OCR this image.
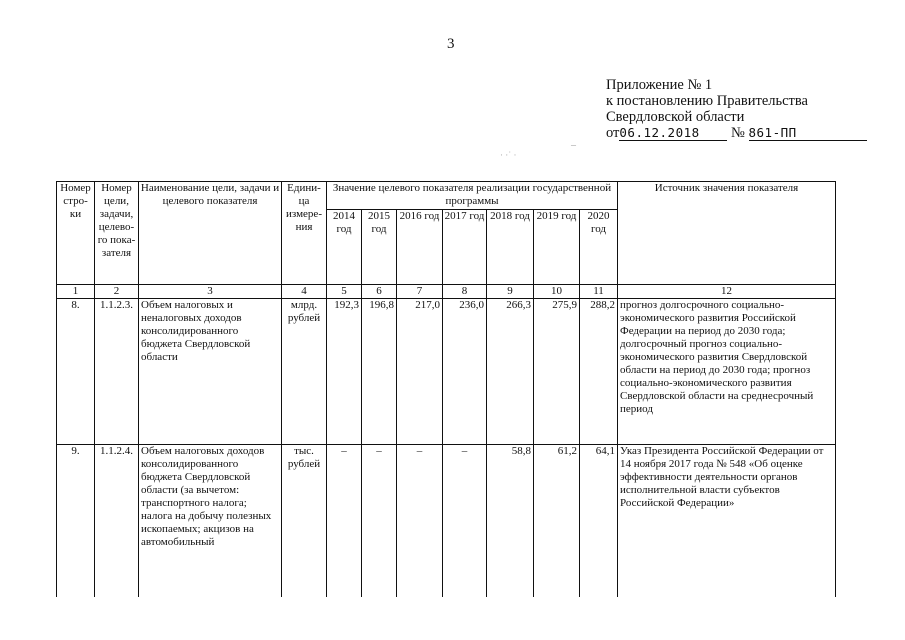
3
Приложение № 1
к постановлению Правительства
Свердловской области
от06.12.2018 № 861-ПП
· ·˙ ·
–
Номер стро-ки	Номер цели, задачи, целево-го пока-зателя	Наименование цели, задачи и целевого показателя	Едини-ца измере-ния	Значение целевого показателя реализации государственной программы							Источник значения показателя
				2014 год	2015 год	2016 год	2017 год	2018 год	2019 год	2020 год	
1	2	3	4	5	6	7	8	9	10	11	12
8.	1.1.2.3.	Объем налоговых и неналоговых доходов консолидированного бюджета Свердловской области	млрд. рублей	192,3	196,8	217,0	236,0	266,3	275,9	288,2	прогноз долгосрочного социально-экономического развития Российской Федерации на период до 2030 года; долгосрочный прогноз социально-экономического развития Свердловской области на период до 2030 года; прогноз социально-экономического развития Свердловской области на среднесрочный период
9.	1.1.2.4.	Объем налоговых доходов консолидированного бюджета Свердловской области (за вычетом: транспортного налога; налога на добычу полезных ископаемых; акцизов на автомобильный	тыс. рублей	–	–	–	–	58,8	61,2	64,1	Указ Президента Российской Федерации от 14 ноября 2017 года № 548 «Об оценке эффективности деятельности органов исполнительной власти субъектов Российской Федерации»
